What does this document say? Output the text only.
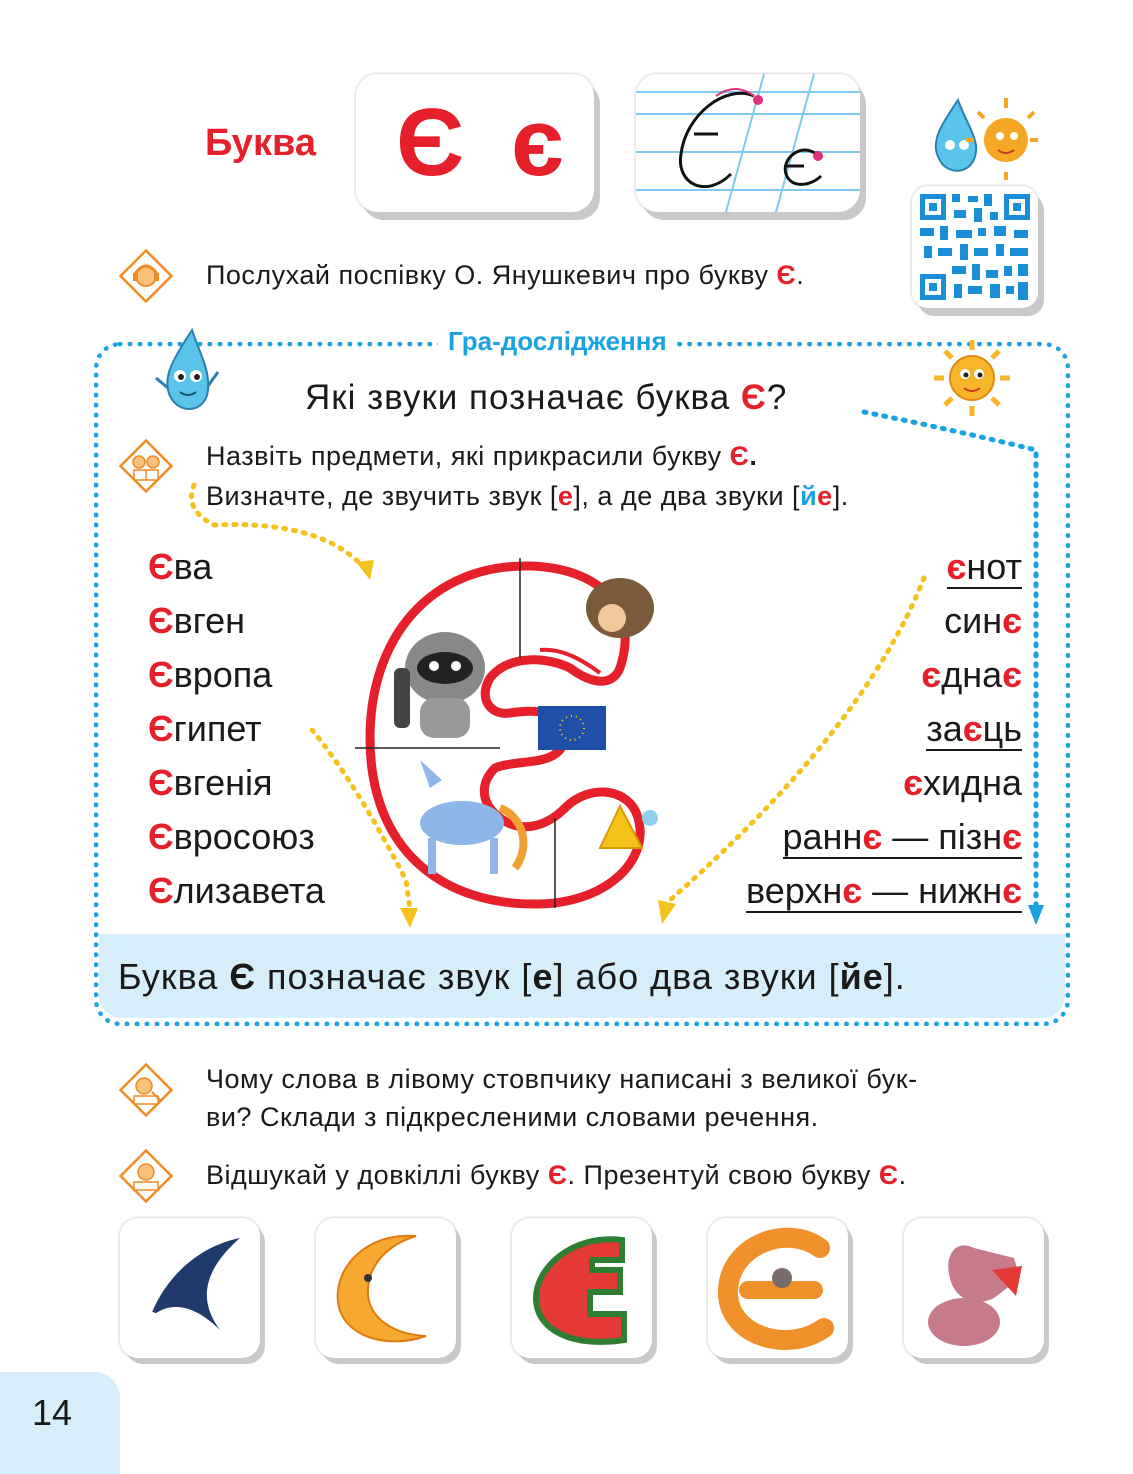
Буква Є є
Послухай поспівку О. Янушкевич про букву Є.
Гра-дослідження
Які звуки позначає буква Є?
Назвіть предмети, які прикрасили букву Є.
Визначте, де звучить звук [е], а де два звуки [йе].
Єва
Євген
Європа
Єгипет
Євгенія
Євросоюз
Єлизавета
єнот
синє
єднає
заєць
єхидна
раннє — пізнє
верхнє — нижнє
Буква Є позначає звук [е] або два звуки [йе].
Чому слова в лівому стовпчику написані з великої бук-
ви? Склади з підкресленими словами речення.
Відшукай у довкіллі букву Є. Презентуй свою букву Є.
14
